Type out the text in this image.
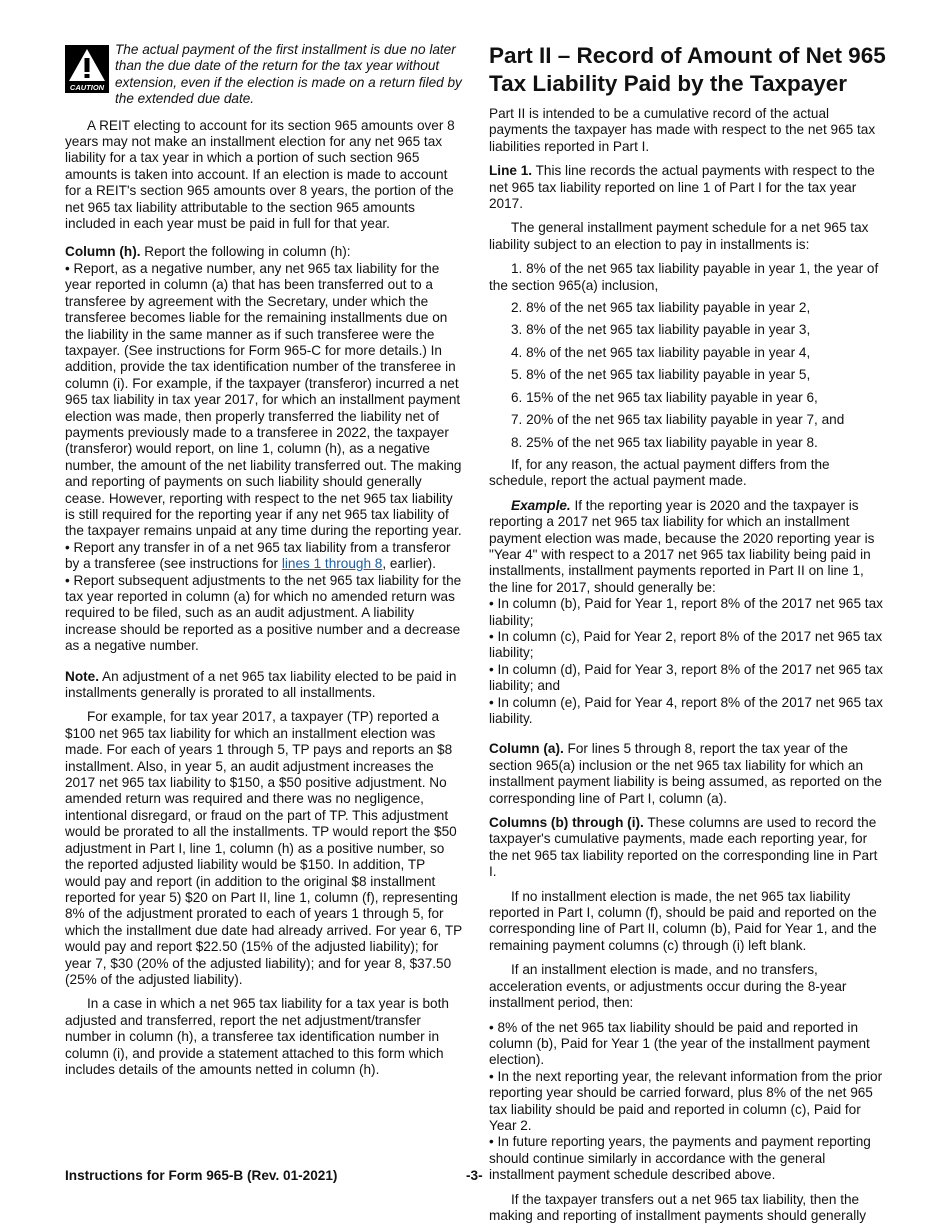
CAUTION
The actual payment of the first installment is due no later than the due date of the return for the tax year without extension, even if the election is made on a return filed by the extended due date.

A REIT electing to account for its section 965 amounts over 8 years may not make an installment election for any net 965 tax liability for a tax year in which a portion of such section 965 amounts is taken into account. If an election is made to account for a REIT's section 965 amounts over 8 years, the portion of the net 965 tax liability attributable to the section 965 amounts included in each year must be paid in full for that year.

Column (h). Report the following in column (h):

• Report, as a negative number, any net 965 tax liability for the year reported in column (a) that has been transferred out to a transferee by agreement with the Secretary, under which the transferee becomes liable for the remaining installments due on the liability in the same manner as if such transferee were the taxpayer. (See instructions for Form 965-C for more details.) In addition, provide the tax identification number of the transferee in column (i). For example, if the taxpayer (transferor) incurred a net 965 tax liability in tax year 2017, for which an installment payment election was made, then properly transferred the liability net of payments previously made to a transferee in 2022, the taxpayer (transferor) would report, on line 1, column (h), as a negative number, the amount of the net liability transferred out. The making and reporting of payments on such liability should generally cease. However, reporting with respect to the net 965 tax liability is still required for the reporting year if any net 965 tax liability of the taxpayer remains unpaid at any time during the reporting year.

• Report any transfer in of a net 965 tax liability from a transferor by a transferee (see instructions for lines 1 through 8, earlier).

• Report subsequent adjustments to the net 965 tax liability for the tax year reported in column (a) for which no amended return was required to be filed, such as an audit adjustment. A liability increase should be reported as a positive number and a decrease as a negative number.

Note. An adjustment of a net 965 tax liability elected to be paid in installments generally is prorated to all installments.

For example, for tax year 2017, a taxpayer (TP) reported a $100 net 965 tax liability for which an installment election was made. For each of years 1 through 5, TP pays and reports an $8 installment. Also, in year 5, an audit adjustment increases the 2017 net 965 tax liability to $150, a $50 positive adjustment. No amended return was required and there was no negligence, intentional disregard, or fraud on the part of TP. This adjustment would be prorated to all the installments. TP would report the $50 adjustment in Part I, line 1, column (h) as a positive number, so the reported adjusted liability would be $150. In addition, TP would pay and report (in addition to the original $8 installment reported for year 5) $20 on Part II, line 1, column (f), representing 8% of the adjustment prorated to each of years 1 through 5, for which the installment due date had already arrived. For year 6, TP would pay and report $22.50 (15% of the adjusted liability); for year 7, $30 (20% of the adjusted liability); and for year 8, $37.50 (25% of the adjusted liability).

In a case in which a net 965 tax liability for a tax year is both adjusted and transferred, report the net adjustment/transfer number in column (h), a transferee tax identification number in column (i), and provide a statement attached to this form which includes details of the amounts netted in column (h).

Part II – Record of Amount of Net 965 Tax Liability Paid by the Taxpayer

Part II is intended to be a cumulative record of the actual payments the taxpayer has made with respect to the net 965 tax liabilities reported in Part I.

Line 1. This line records the actual payments with respect to the net 965 tax liability reported on line 1 of Part I for the tax year 2017.

The general installment payment schedule for a net 965 tax liability subject to an election to pay in installments is:

1. 8% of the net 965 tax liability payable in year 1, the year of the section 965(a) inclusion,

2. 8% of the net 965 tax liability payable in year 2,

3. 8% of the net 965 tax liability payable in year 3,

4. 8% of the net 965 tax liability payable in year 4,

5. 8% of the net 965 tax liability payable in year 5,

6. 15% of the net 965 tax liability payable in year 6,

7. 20% of the net 965 tax liability payable in year 7, and

8. 25% of the net 965 tax liability payable in year 8.

If, for any reason, the actual payment differs from the schedule, report the actual payment made.

Example. If the reporting year is 2020 and the taxpayer is reporting a 2017 net 965 tax liability for which an installment payment election was made, because the 2020 reporting year is "Year 4" with respect to a 2017 net 965 tax liability being paid in installments, installment payments reported in Part II on line 1, the line for 2017, should generally be:

• In column (b), Paid for Year 1, report 8% of the 2017 net 965 tax liability;

• In column (c), Paid for Year 2, report 8% of the 2017 net 965 tax liability;

• In column (d), Paid for Year 3, report 8% of the 2017 net 965 tax liability; and

• In column (e), Paid for Year 4, report 8% of the 2017 net 965 tax liability.

Column (a). For lines 5 through 8, report the tax year of the section 965(a) inclusion or the net 965 tax liability for which an installment payment liability is being assumed, as reported on the corresponding line of Part I, column (a).

Columns (b) through (i). These columns are used to record the taxpayer's cumulative payments, made each reporting year, for the net 965 tax liability reported on the corresponding line in Part I.

If no installment election is made, the net 965 tax liability reported in Part I, column (f), should be paid and reported on the corresponding line of Part II, column (b), Paid for Year 1, and the remaining payment columns (c) through (i) left blank.

If an installment election is made, and no transfers, acceleration events, or adjustments occur during the 8-year installment period, then:

• 8% of the net 965 tax liability should be paid and reported in column (b), Paid for Year 1 (the year of the installment payment election).

• In the next reporting year, the relevant information from the prior reporting year should be carried forward, plus 8% of the net 965 tax liability should be paid and reported in column (c), Paid for Year 2.

• In future reporting years, the payments and payment reporting should continue similarly in accordance with the general installment payment schedule described above.

If the taxpayer transfers out a net 965 tax liability, then the making and reporting of installment payments should generally

Instructions for Form 965-B (Rev. 01-2021)	-3-
